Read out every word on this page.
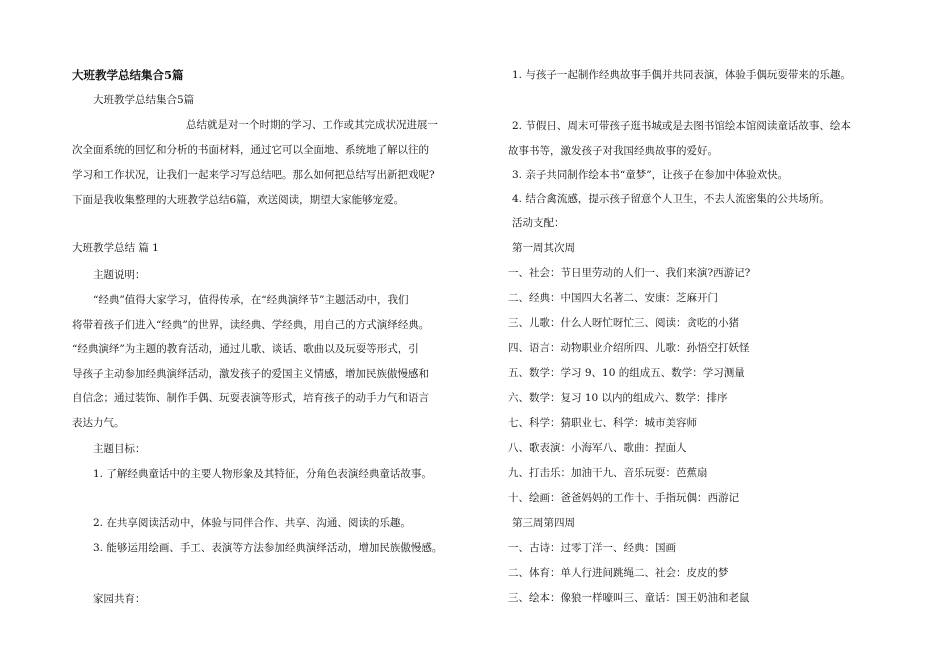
大班教学总结集合5篇
大班教学总结集合5篇
总结就是对一个时期的学习、工作或其完成状况进展一
次全面系统的回忆和分析的书面材料，通过它可以全面地、系统地了解以往的
学习和工作状况，让我们一起来学习写总结吧。那么如何把总结写出新把戏呢?
下面是我收集整理的大班教学总结6篇，欢送阅读，期望大家能够宠爱。
大班教学总结 篇 1
主题说明：
“经典”值得大家学习，值得传承，在“经典演绎节”主题活动中，我们
将带着孩子们进入“经典”的世界，读经典、学经典，用自己的方式演绎经典。
“经典演绎”为主题的教育活动，通过儿歌、谈话、歌曲以及玩耍等形式，引
导孩子主动参加经典演绎活动，激发孩子的爱国主义情感，增加民族傲慢感和
自信念；通过装饰、制作手偶、玩耍表演等形式，培育孩子的动手力气和语言
表达力气。
主题目标：
1. 了解经典童话中的主要人物形象及其特征，分角色表演经典童话故事。
2. 在共享阅读活动中，体验与同伴合作、共享、沟通、阅读的乐趣。
3. 能够运用绘画、手工、表演等方法参加经典演绎活动，增加民族傲慢感。
家园共育：
1. 与孩子一起制作经典故事手偶并共同表演，体验手偶玩耍带来的乐趣。
2. 节假日、周末可带孩子逛书城或是去图书馆绘本馆阅读童话故事、绘本
故事书等，激发孩子对我国经典故事的爱好。
3. 亲子共同制作绘本书“童梦”，让孩子在参加中体验欢快。
4. 结合禽流感，提示孩子留意个人卫生，不去人流密集的公共场所。
活动支配：
第一周其次周
一、社会：节日里劳动的人们一、我们来演?西游记?
二、经典：中国四大名著二、安康：芝麻开门
三、儿歌：什么人呀忙呀忙三、阅读：贪吃的小猪
四、语言：动物职业介绍所四、儿歌：孙悟空打妖怪
五、数学：学习 9、10 的组成五、数学：学习测量
六、数学：复习 10 以内的组成六、数学：排序
七、科学：猜职业七、科学：城市美容师
八、歌表演：小海军八、歌曲：捏面人
九、打击乐：加油干九、音乐玩耍：芭蕉扇
十、绘画：爸爸妈妈的工作十、手指玩偶：西游记
第三周第四周
一、古诗：过零丁洋一、经典：国画
二、体育：单人行进间跳绳二、社会：皮皮的梦
三、绘本：像狼一样嚎叫三、童话：国王奶油和老鼠
